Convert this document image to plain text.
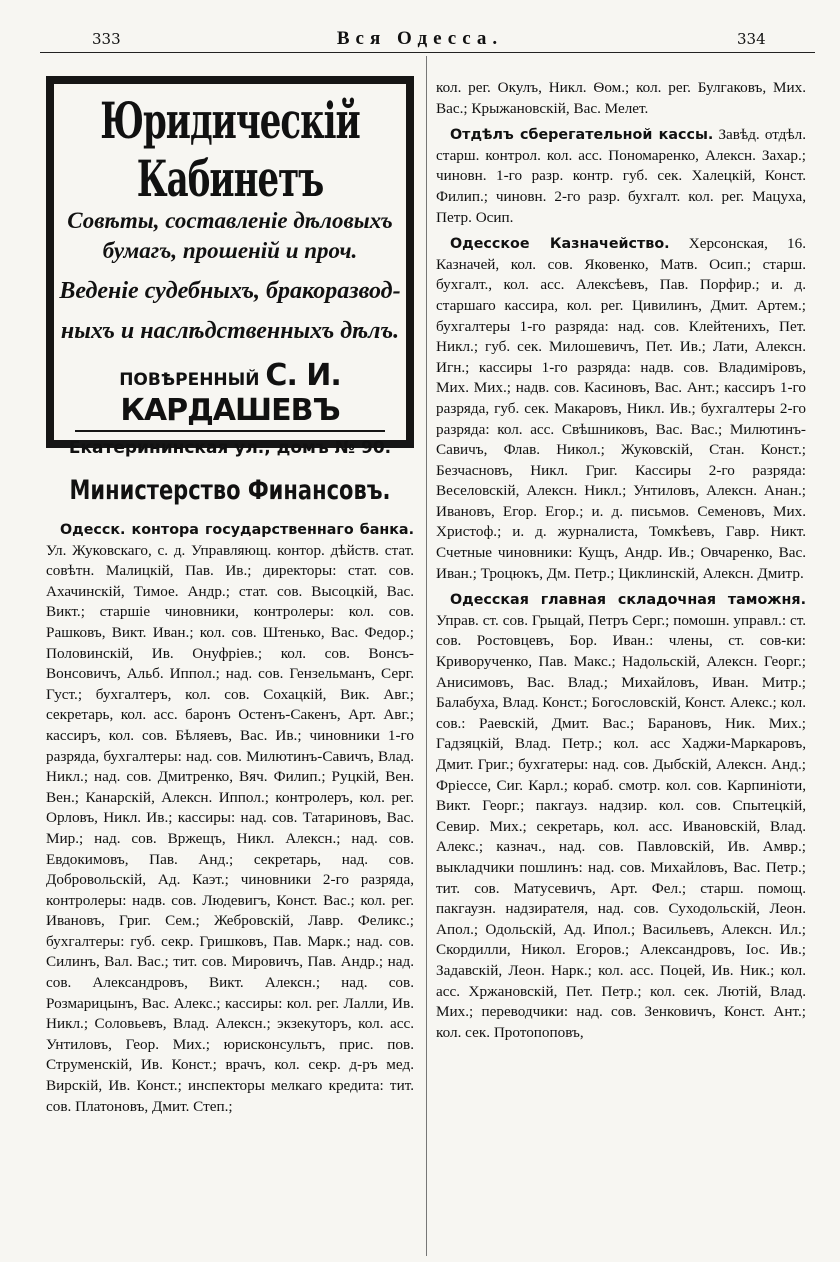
333	Вся Одесса.	334
Юридическій Кабинетъ
Совѣты, составленіе дѣловыхъ
бумагъ, прошеній и проч.
Веденіе судебныхъ, бракоразвод-
ныхъ и наслѣдственныхъ дѣлъ.
ПОВѢРЕННЫЙ С. И. КАРДАШЕВЪ
Екатерининская ул., домъ № 90.
Министерство Финансовъ.

Одесск. контора государственнаго банка. Ул. Жуковскаго, с. д. Управляющ. контор. дѣйств. стат. совѣтн. Малицкій, Пав. Ив.; директоры: стат. сов. Ахачинскій, Тимое. Андр.; стат. сов. Высоцкій, Вас. Викт.; старшіе чиновники, контролеры: кол. сов. Рашковъ, Викт. Иван.; кол. сов. Штенько, Вас. Федор.; Половинскій, Ив. Онуфріев.; кол. сов. Вонсъ-Вонсовичъ, Альб. Иппол.; над. сов. Гензельманъ, Серг. Густ.; бухгалтеръ, кол. сов. Сохацкій, Вик. Авг.; секретарь, кол. асс. баронъ Остенъ-Сакенъ, Арт. Авг.; кассиръ, кол. сов. Бѣляевъ, Вас. Ив.; чиновники 1-го разряда, бухгалтеры: над. сов. Милютинъ-Савичъ, Влад. Никл.; над. сов. Дмитренко, Вяч. Филип.; Руцкій, Вен. Вен.; Канарскій, Алексн. Иппол.; контролеръ, кол. рег. Орловъ, Никл. Ив.; кассиры: над. сов. Татариновъ, Вас. Мир.; над. сов. Вржещъ, Никл. Алексн.; над. сов. Евдокимовъ, Пав. Анд.; секретарь, над. сов. Добровольскій, Ад. Каэт.; чиновники 2-го разряда, контролеры: надв. сов. Людевигъ, Конст. Вас.; кол. рег. Ивановъ, Григ. Сем.; Жебровскій, Лавр. Феликс.; бухгалтеры: губ. секр. Гришковъ, Пав. Марк.; над. сов. Силинъ, Вал. Вас.; тит. сов. Мировичъ, Пав. Андр.; над. сов. Александровъ, Викт. Алексн.; над. сов. Розмарицынъ, Вас. Алекс.; кассиры: кол. рег. Лалли, Ив. Никл.; Соловьевъ, Влад. Алексн.; экзекуторъ, кол. асс. Унтиловъ, Геор. Мих.; юрисконсультъ, прис. пов. Струменскій, Ив. Конст.; врачъ, кол. секр. д-ръ мед. Вирскій, Ив. Конст.; инспекторы мелкаго кредита: тит. сов. Платоновъ, Дмит. Степ.;

кол. рег. Окулъ, Никл. Ѳом.; кол. рег. Булгаковъ, Мих. Вас.; Крыжановскій, Вас. Мелет.

Отдѣлъ сберегательной кассы. Завѣд. отдѣл. старш. контрол. кол. асс. Пономаренко, Алексн. Захар.; чиновн. 1-го разр. контр. губ. сек. Халецкій, Конст. Филип.; чиновн. 2-го разр. бухгалт. кол. рег. Мацуха, Петр. Осип.

Одесское Казначейство. Херсонская, 16. Казначей, кол. сов. Яковенко, Матв. Осип.; старш. бухгалт., кол. асс. Алексѣевъ, Пав. Порфир.; и. д. старшаго кассира, кол. рег. Цивилинъ, Дмит. Артем.; бухгалтеры 1-го разряда: над. сов. Клейтенихъ, Пет. Никл.; губ. сек. Милошевичъ, Пет. Ив.; Лати, Алексн. Игн.; кассиры 1-го разряда: надв. сов. Владиміровъ, Мих. Мих.; надв. сов. Касиновъ, Вас. Ант.; кассиръ 1-го разряда, губ. сек. Макаровъ, Никл. Ив.; бухгалтеры 2-го разряда: кол. асс. Свѣшниковъ, Вас. Вас.; Милютинъ-Савичъ, Флав. Никол.; Жуковскій, Стан. Конст.; Безчасновъ, Никл. Григ. Кассиры 2-го разряда: Веселовскій, Алексн. Никл.; Унтиловъ, Алексн. Анан.; Ивановъ, Егор. Егор.; и. д. письмов. Семеновъ, Мих. Христоф.; и. д. журналиста, Томкѣевъ, Гавр. Никт. Счетные чиновники: Кущъ, Андр. Ив.; Овчаренко, Вас. Иван.; Троцюкъ, Дм. Петр.; Циклинскій, Алексн. Дмитр.

Одесская главная складочная таможня. Управ. ст. сов. Грыцай, Петръ Серг.; помошн. управл.: ст. сов. Ростовцевъ, Бор. Иван.: члены, ст. сов-ки: Криворученко, Пав. Макс.; Надольскій, Алексн. Георг.; Анисимовъ, Вас. Влад.; Михайловъ, Иван. Митр.; Балабуха, Влад. Конст.; Богословскій, Конст. Алекс.; кол. сов.: Раевскій, Дмит. Вас.; Барановъ, Ник. Мих.; Гадзяцкій, Влад. Петр.; кол. асс Хаджи-Маркаровъ, Дмит. Григ.; бухгатеры: над. сов. Дыбскій, Алексн. Анд.; Фріессе, Сиг. Карл.; кораб. смотр. кол. сов. Карпиніоти, Викт. Георг.; пакгауз. надзир. кол. сов. Спытецкій, Севир. Мих.; секретарь, кол. асс. Ивановскій, Влад. Алекс.; казнач., над. сов. Павловскій, Ив. Амвр.; выкладчики пошлинъ: над. сов. Михайловъ, Вас. Петр.; тит. сов. Матусевичъ, Арт. Фел.; старш. помощ. пакгаузн. надзирателя, над. сов. Суходольскій, Леон. Апол.; Одольскій, Ад. Ипол.; Васильевъ, Алексн. Ил.; Скордилли, Никол. Егоров.; Александровъ, Іос. Ив.; Задавскій, Леон. Нарк.; кол. асс. Поцей, Ив. Ник.; кол. асс. Хржановскій, Пет. Петр.; кол. сек. Лютій, Влад. Мих.; переводчики: над. сов. Зенковичъ, Конст. Ант.; кол. сек. Протопоповъ,
